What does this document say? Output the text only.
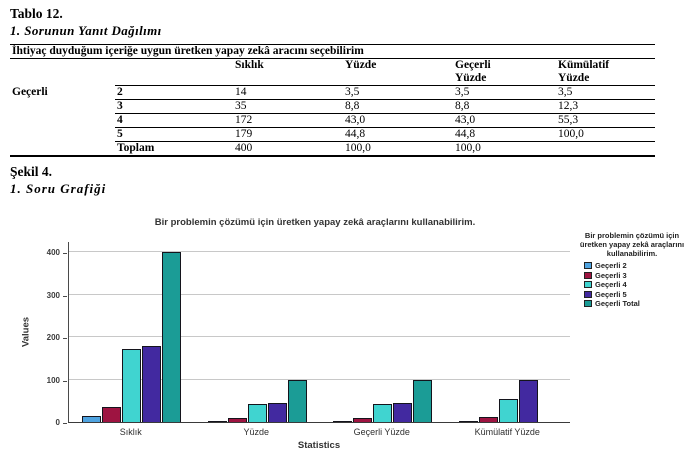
Tablo 12.
1. Sorunun Yanıt Dağılımı
İhtiyaç duyduğum içeriğe uygun üretken yapay zekâ aracını seçebilirim					
		Sıklık	Yüzde	Geçerli Yüzde	Kümülatif Yüzde
Geçerli	2	14	3,5	3,5	3,5
	3	35	8,8	8,8	12,3
	4	172	43,0	43,0	55,3
	5	179	44,8	44,8	100,0
	Toplam	400	100,0	100,0	
Şekil 4.
1. Soru Grafiği
Bir problemin çözümü için üretken yapay zekâ araçlarını kullanabilirim.
Values
Statistics
Bir problemin çözümü için üretken yapay zekâ araçlarını kullanabilirim.
Geçerli 2
Geçerli 3
Geçerli 4
Geçerli 5
Geçerli Total
0
100
200
300
400
Sıklık	Yüzde	Geçerli Yüzde	Kümülatif Yüzde
